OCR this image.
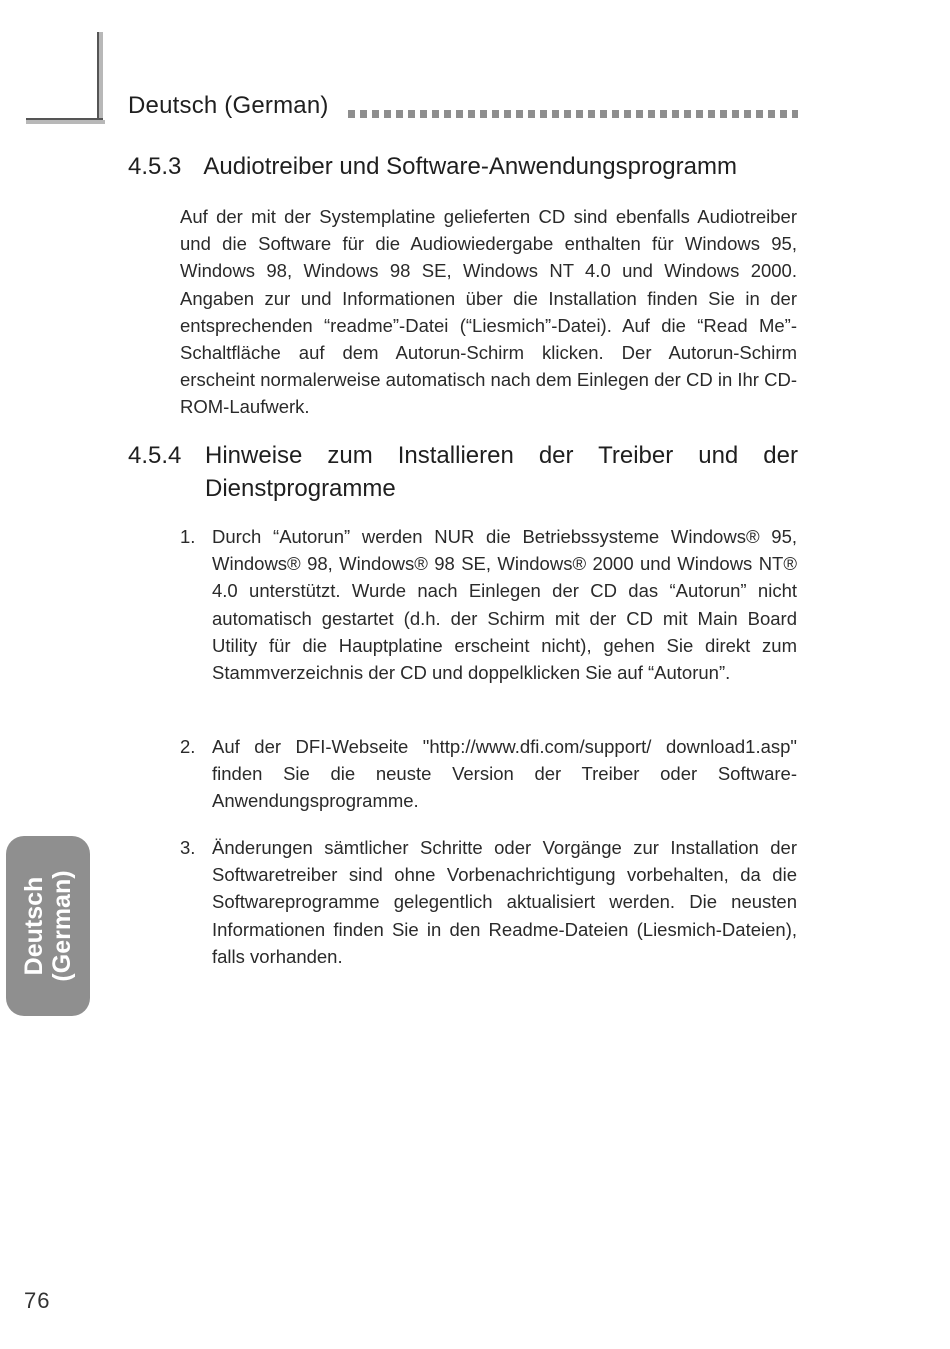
Deutsch (German)
4.5.3 Audiotreiber und Software-Anwendungsprogramm
Auf der mit der Systemplatine gelieferten CD sind ebenfalls Audiotreiber und die Software für die Audiowiedergabe enthalten für Windows 95, Windows 98, Windows 98 SE, Windows NT 4.0 und Windows 2000. Angaben zur und Informationen über die Installation finden Sie in der entsprechenden “readme”-Datei (“Liesmich”-Datei). Auf die “Read Me”-Schaltfläche auf dem Autorun-Schirm klicken. Der Autorun-Schirm erscheint normalerweise automatisch nach dem Einlegen der CD in Ihr CD-ROM-Laufwerk.
4.5.4 Hinweise zum Installieren der Treiber und der Dienstprogramme
1. Durch “Autorun” werden NUR die Betriebssysteme Windows® 95, Windows® 98, Windows® 98 SE, Windows® 2000 und Windows NT® 4.0 unterstützt. Wurde nach Einlegen der CD das “Autorun” nicht automatisch gestartet (d.h. der Schirm mit der CD mit Main Board Utility für die Hauptplatine erscheint nicht), gehen Sie direkt zum Stammverzeichnis der CD und doppelklicken Sie auf “Autorun”.
2. Auf der DFI-Webseite "http://www.dfi.com/support/ download1.asp" finden Sie die neuste Version der Treiber oder Software-Anwendungsprogramme.
3. Änderungen sämtlicher Schritte oder Vorgänge zur Installation der Softwaretreiber sind ohne Vorbenachrichtigung vorbehalten, da die Softwareprogramme gelegentlich aktualisiert werden. Die neusten Informationen finden Sie in den Readme-Dateien (Liesmich-Dateien), falls vorhanden.
Deutsch (German)
76
